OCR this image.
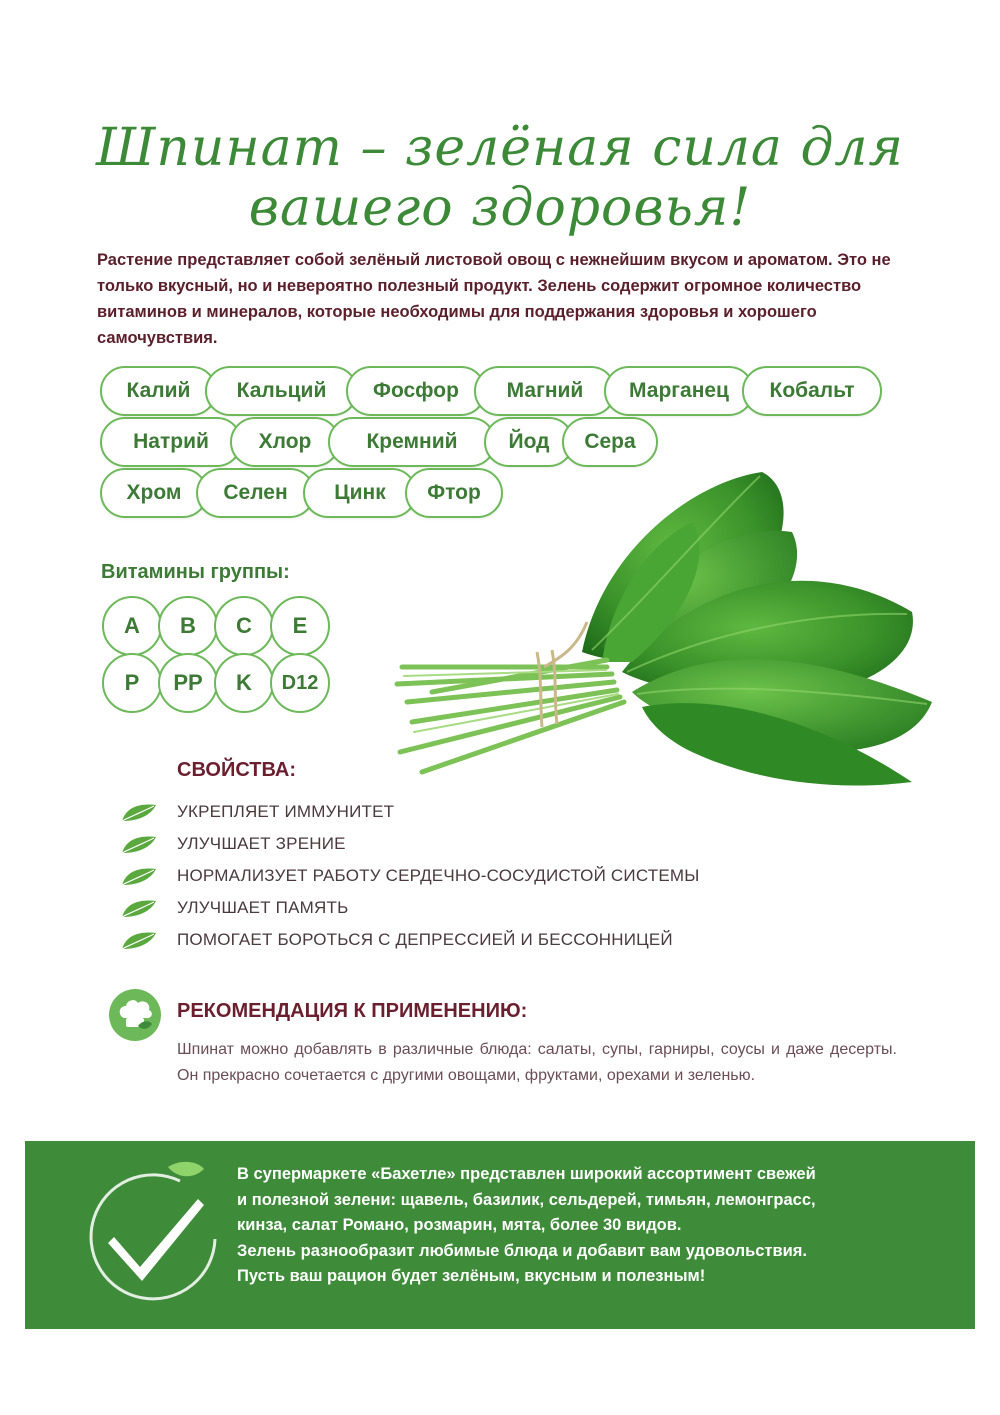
Шпинат – зелёная сила для вашего здоровья!
Растение представляет собой зелёный листовой овощ с нежнейшим вкусом и ароматом. Это не только вкусный, но и невероятно полезный продукт. Зелень содержит огромное количество витаминов и минералов, которые необходимы для поддержания здоровья и хорошего самочувствия.
Калий	Кальций	Фосфор	Магний	Марганец	Кобальт
Натрий	Хлор	Кремний	Йод	Сера
Хром	Селен	Цинк	Фтор
Витамины группы:
A	B	C	E
P	PP	K	D12
СВОЙСТВА:
УКРЕПЛЯЕТ ИММУНИТЕТ
УЛУЧШАЕТ ЗРЕНИЕ
НОРМАЛИЗУЕТ РАБОТУ СЕРДЕЧНО-СОСУДИСТОЙ СИСТЕМЫ
УЛУЧШАЕТ ПАМЯТЬ
ПОМОГАЕТ БОРОТЬСЯ С ДЕПРЕССИЕЙ И БЕССОННИЦЕЙ
РЕКОМЕНДАЦИЯ К ПРИМЕНЕНИЮ:
Шпинат можно добавлять в различные блюда: салаты, супы, гарниры, соусы и даже десерты. Он прекрасно сочетается с другими овощами, фруктами, орехами и зеленью.
В супермаркете «Бахетле» представлен широкий ассортимент свежей
и полезной зелени: щавель, базилик, сельдерей, тимьян, лемонграсс,
кинза, салат Романо, розмарин, мята, более 30 видов.
Зелень разнообразит любимые блюда и добавит вам удовольствия.
Пусть ваш рацион будет зелёным, вкусным и полезным!
